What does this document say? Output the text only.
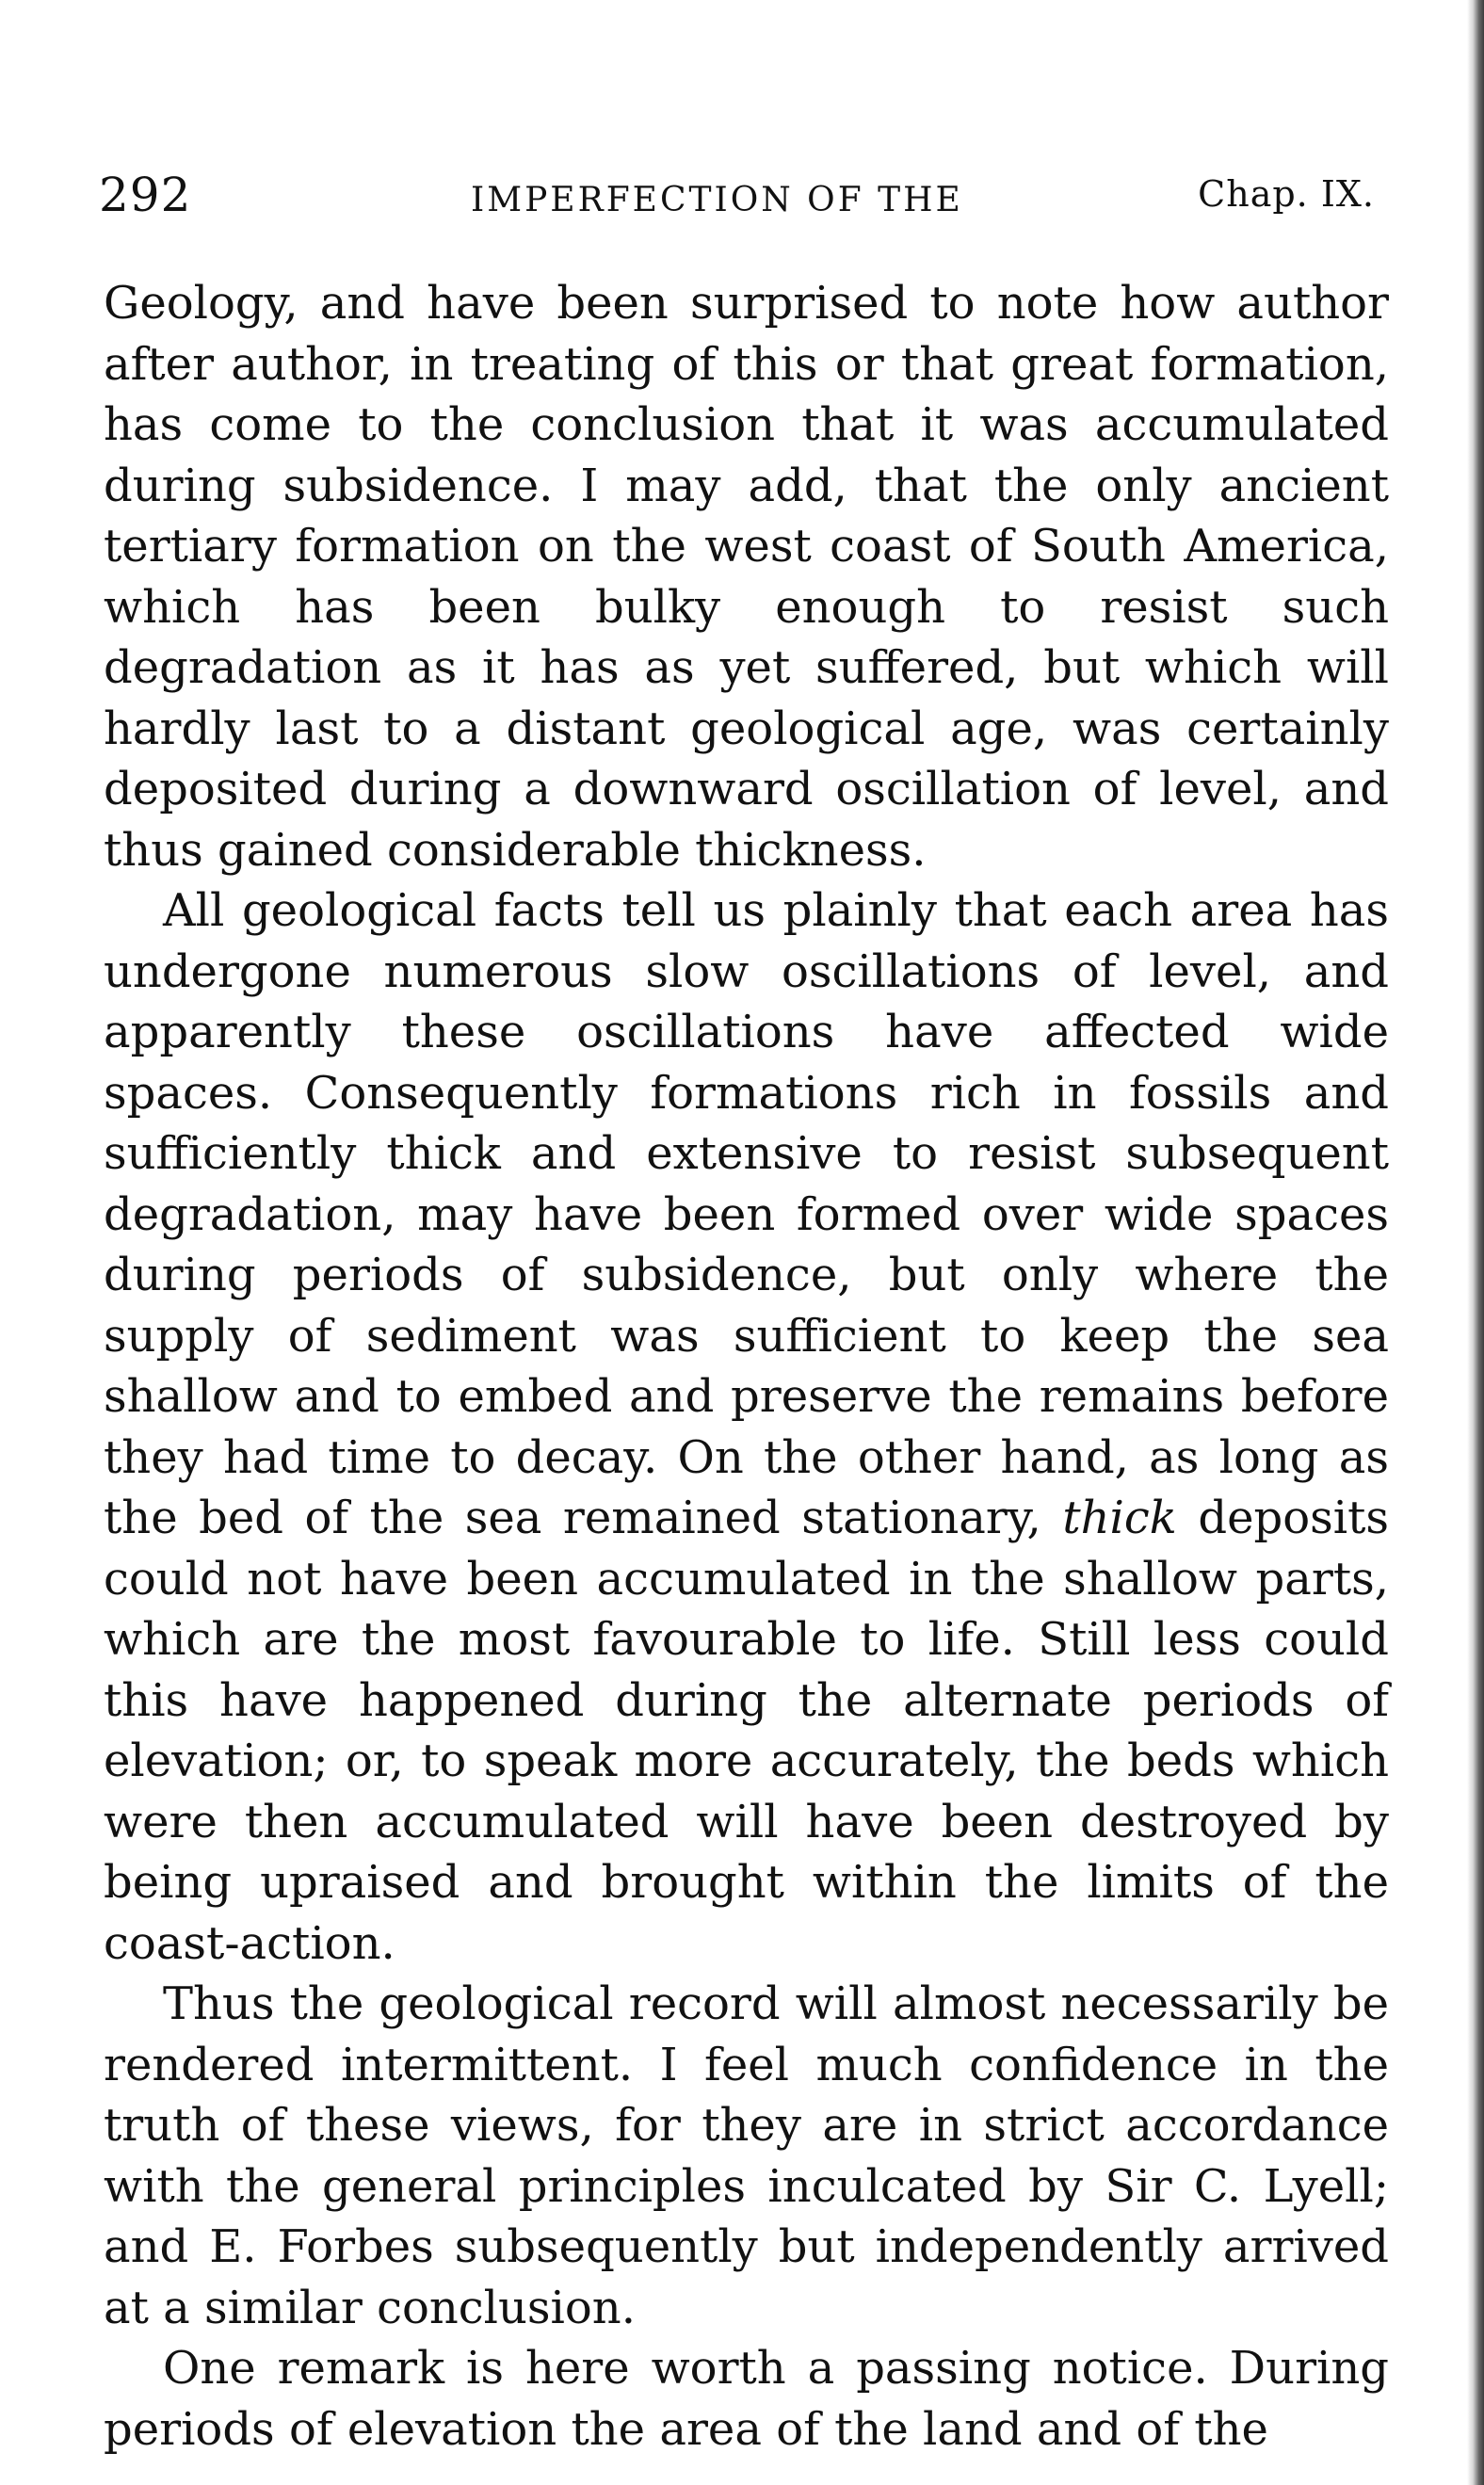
292	IMPERFECTION OF THE	Chap. IX.

Geology, and have been surprised to note how author after author, in treating of this or that great formation, has come to the conclusion that it was accumulated during subsidence. I may add, that the only ancient tertiary formation on the west coast of South America, which has been bulky enough to resist such degradation as it has as yet suffered, but which will hardly last to a distant geological age, was certainly deposited during a downward oscillation of level, and thus gained considerable thickness.

All geological facts tell us plainly that each area has undergone numerous slow oscillations of level, and apparently these oscillations have affected wide spaces. Consequently formations rich in fossils and sufficiently thick and extensive to resist subsequent degradation, may have been formed over wide spaces during periods of subsidence, but only where the supply of sediment was sufficient to keep the sea shallow and to embed and preserve the remains before they had time to decay. On the other hand, as long as the bed of the sea remained stationary, thick deposits could not have been accumulated in the shallow parts, which are the most favourable to life. Still less could this have happened during the alternate periods of elevation; or, to speak more accurately, the beds which were then accumulated will have been destroyed by being upraised and brought within the limits of the coast-action.

Thus the geological record will almost necessarily be rendered intermittent. I feel much confidence in the truth of these views, for they are in strict accordance with the general principles inculcated by Sir C. Lyell; and E. Forbes subsequently but independently arrived at a similar conclusion.

One remark is here worth a passing notice. During periods of elevation the area of the land and of the
